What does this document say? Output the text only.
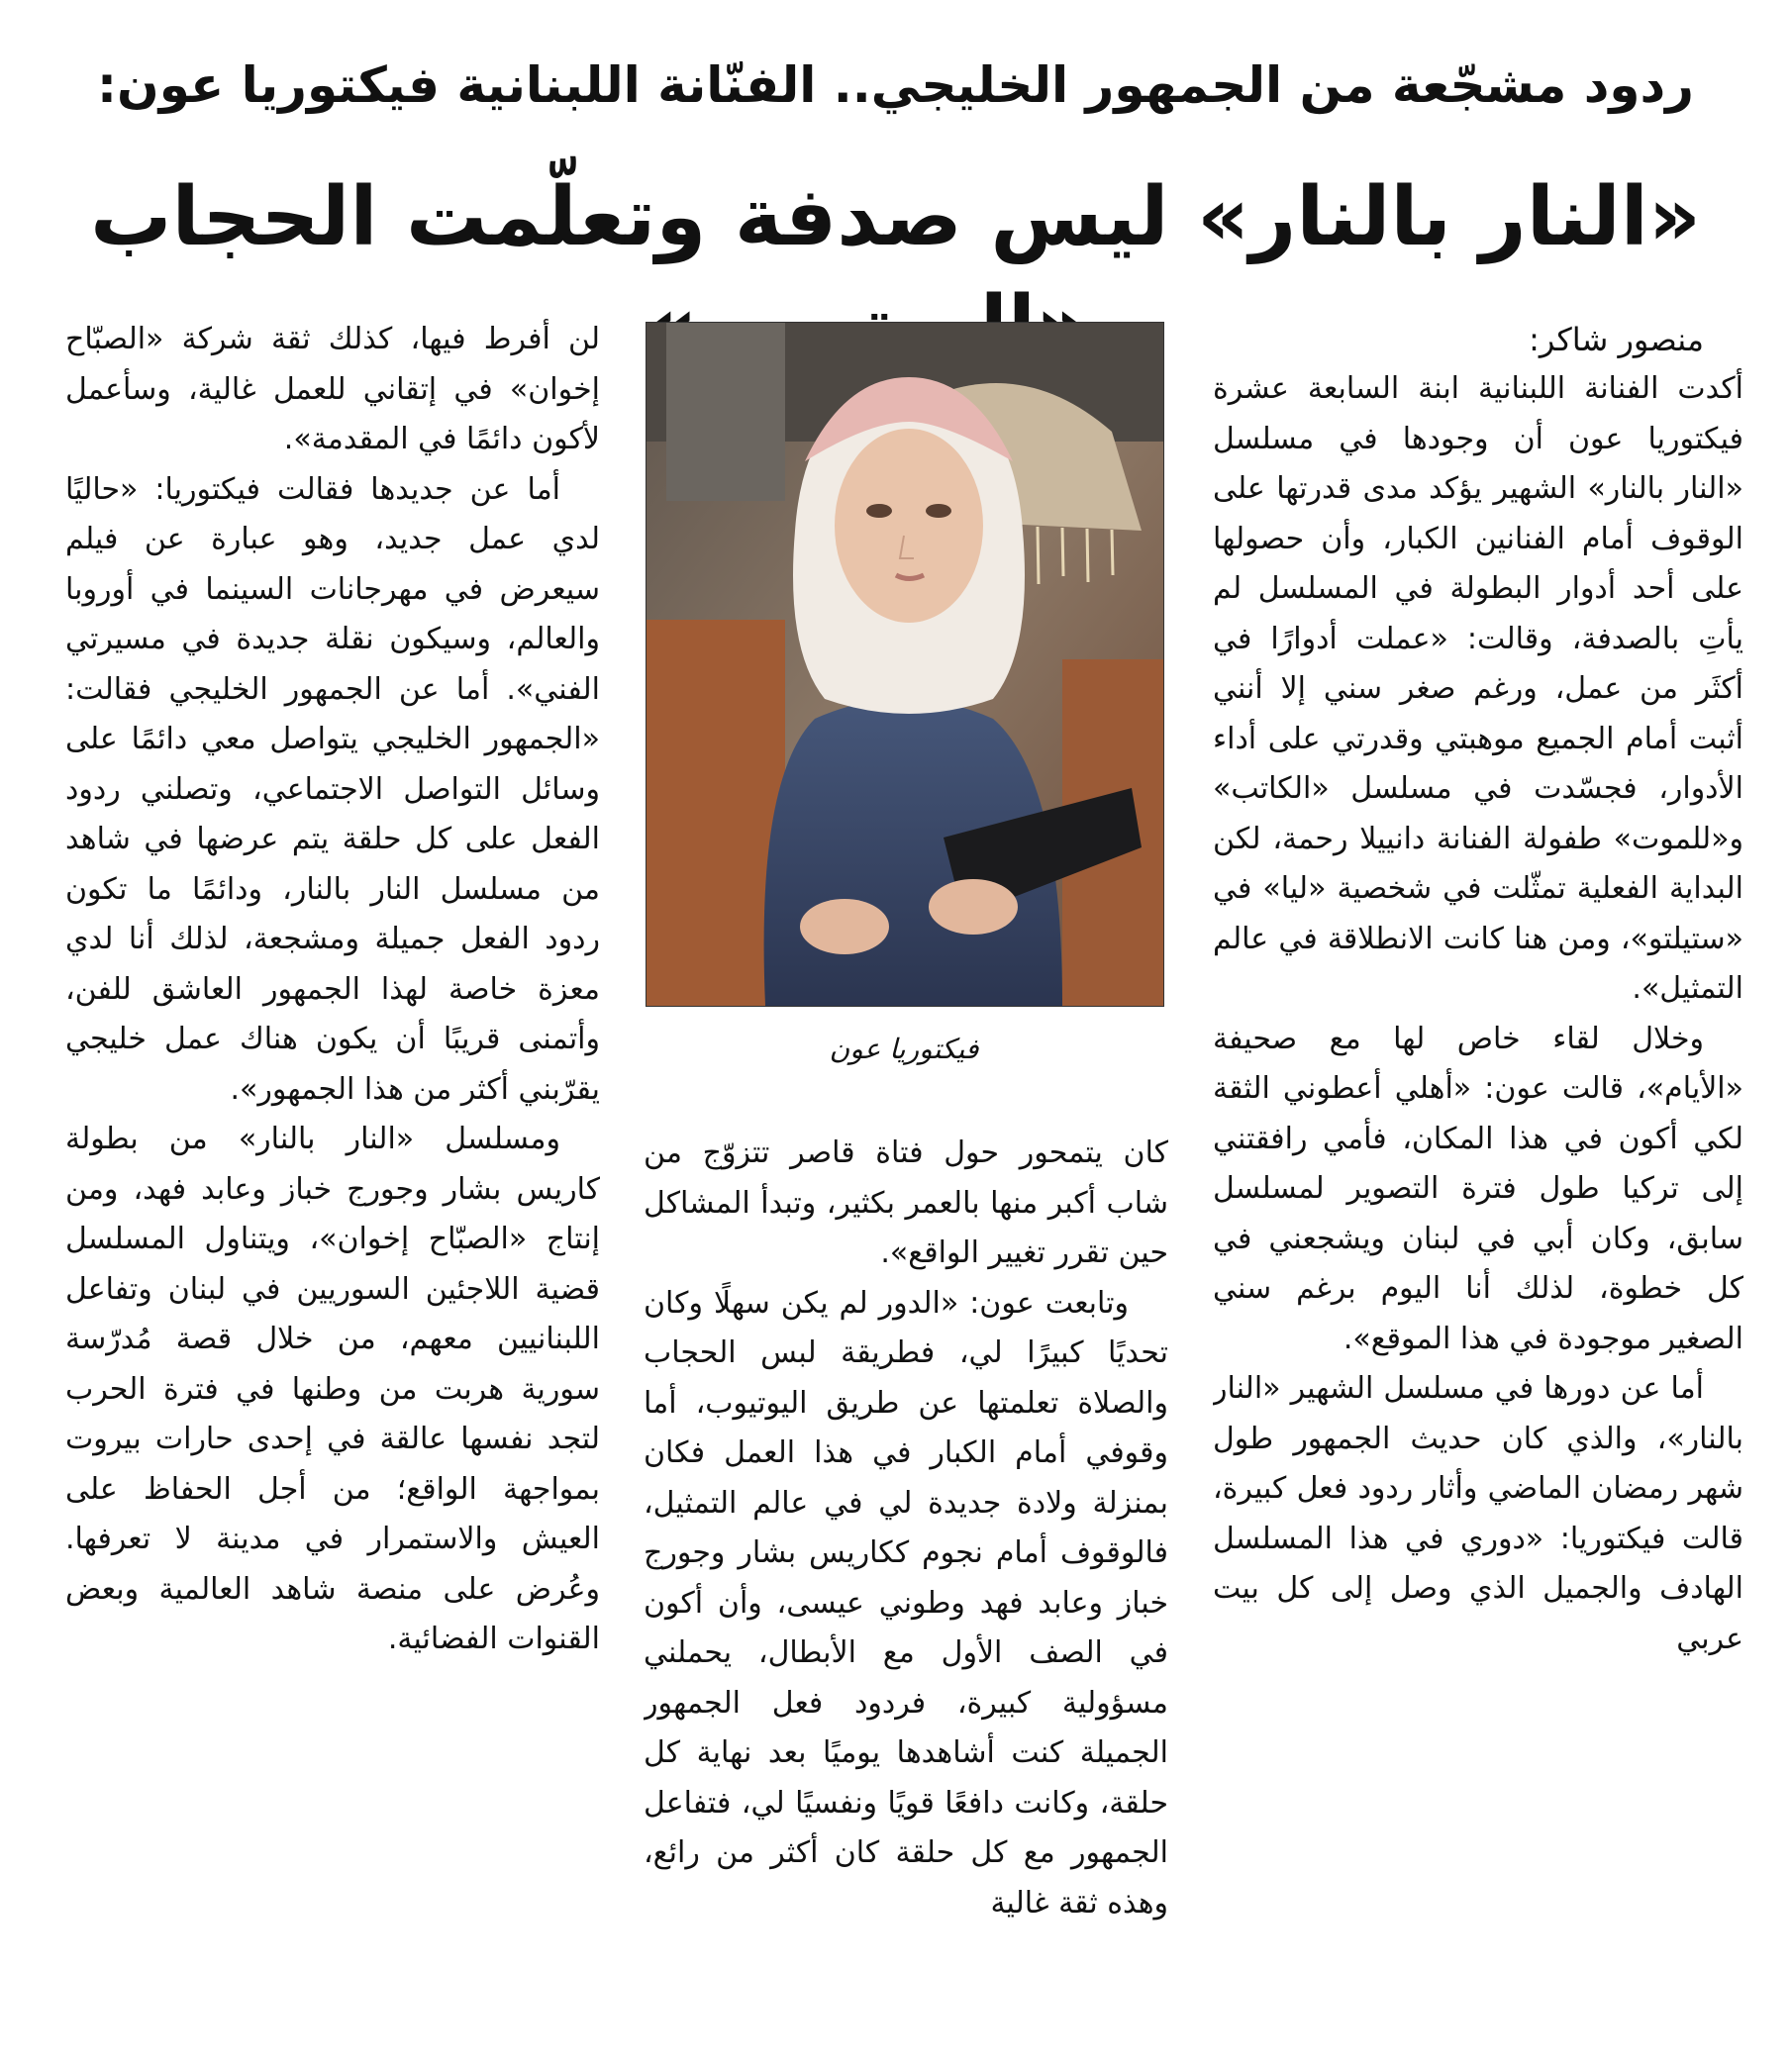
ردود مشجّعة من الجمهور الخليجي.. الفنّانة اللبنانية فيكتوريا عون:
«النار بالنار» ليس صدفة وتعلّمت الحجاب

منصور شاكر:

أكدت الفنانة اللبنانية ابنة السابعة عشرة فيكتوريا عون أن وجودها في مسلسل «النار بالنار» الشهير يؤكد مدى قدرتها على الوقوف أمام الفنانين الكبار، وأن حصولها على أحد أدوار البطولة في المسلسل لم يأتِ بالصدفة، وقالت: «عملت أدوارًا في أكثَر من عمل، ورغم صغر سني إلا أنني أثبت أمام الجميع موهبتي وقدرتي على أداء الأدوار، فجسّدت في مسلسل «الكاتب» و«للموت» طفولة الفنانة دانييلا رحمة، لكن البداية الفعلية تمثّلت في شخصية «ليا» في «ستيلتو»، ومن هنا كانت الانطلاقة في عالم التمثيل».

وخلال لقاء خاص لها مع صحيفة «الأيام»، قالت عون: «أهلي أعطوني الثقة لكي أكون في هذا المكان، فأمي رافقتني إلى تركيا طول فترة التصوير لمسلسل سابق، وكان أبي في لبنان ويشجعني في كل خطوة، لذلك أنا اليوم برغم سني الصغير موجودة في هذا الموقع».

أما عن دورها في مسلسل الشهير «النار بالنار»، والذي كان حديث الجمهور طول شهر رمضان الماضي وأثار ردود فعل كبيرة، قالت فيكتوريا: «دوري في هذا المسلسل الهادف والجميل الذي وصل إلى كل بيت عربي

فيكتوريا عون

كان يتمحور حول فتاة قاصر تتزوّج من شاب أكبر منها بالعمر بكثير، وتبدأ المشاكل حين تقرر تغيير الواقع».

وتابعت عون: «الدور لم يكن سهلًا وكان تحديًا كبيرًا لي، فطريقة لبس الحجاب والصلاة تعلمتها عن طريق اليوتيوب، أما وقوفي أمام الكبار في هذا العمل فكان بمنزلة ولادة جديدة لي في عالم التمثيل، فالوقوف أمام نجوم ككاريس بشار وجورج خباز وعابد فهد وطوني عيسى، وأن أكون في الصف الأول مع الأبطال، يحملني مسؤولية كبيرة، فردود فعل الجمهور الجميلة كنت أشاهدها يوميًا بعد نهاية كل حلقة، وكانت دافعًا قويًا ونفسيًا لي، فتفاعل الجمهور مع كل حلقة كان أكثر من رائع، وهذه ثقة غالية

لن أفرط فيها، كذلك ثقة شركة «الصبّاح إخوان» في إتقاني للعمل غالية، وسأعمل لأكون دائمًا في المقدمة».

أما عن جديدها فقالت فيكتوريا: «حاليًا لدي عمل جديد، وهو عبارة عن فيلم سيعرض في مهرجانات السينما في أوروبا والعالم، وسيكون نقلة جديدة في مسيرتي الفني». أما عن الجمهور الخليجي فقالت: «الجمهور الخليجي يتواصل معي دائمًا على وسائل التواصل الاجتماعي، وتصلني ردود الفعل على كل حلقة يتم عرضها في شاهد من مسلسل النار بالنار، ودائمًا ما تكون ردود الفعل جميلة ومشجعة، لذلك أنا لدي معزة خاصة لهذا الجمهور العاشق للفن، وأتمنى قريبًا أن يكون هناك عمل خليجي يقرّبني أكثر من هذا الجمهور».

ومسلسل «النار بالنار» من بطولة كاريس بشار وجورج خباز وعابد فهد، ومن إنتاج «الصبّاح إخوان»، ويتناول المسلسل قضية اللاجئين السوريين في لبنان وتفاعل اللبنانيين معهم، من خلال قصة مُدرّسة سورية هربت من وطنها في فترة الحرب لتجد نفسها عالقة في إحدى حارات بيروت بمواجهة الواقع؛ من أجل الحفاظ على العيش والاستمرار في مدينة لا تعرفها. وعُرض على منصة شاهد العالمية وبعض القنوات الفضائية.
